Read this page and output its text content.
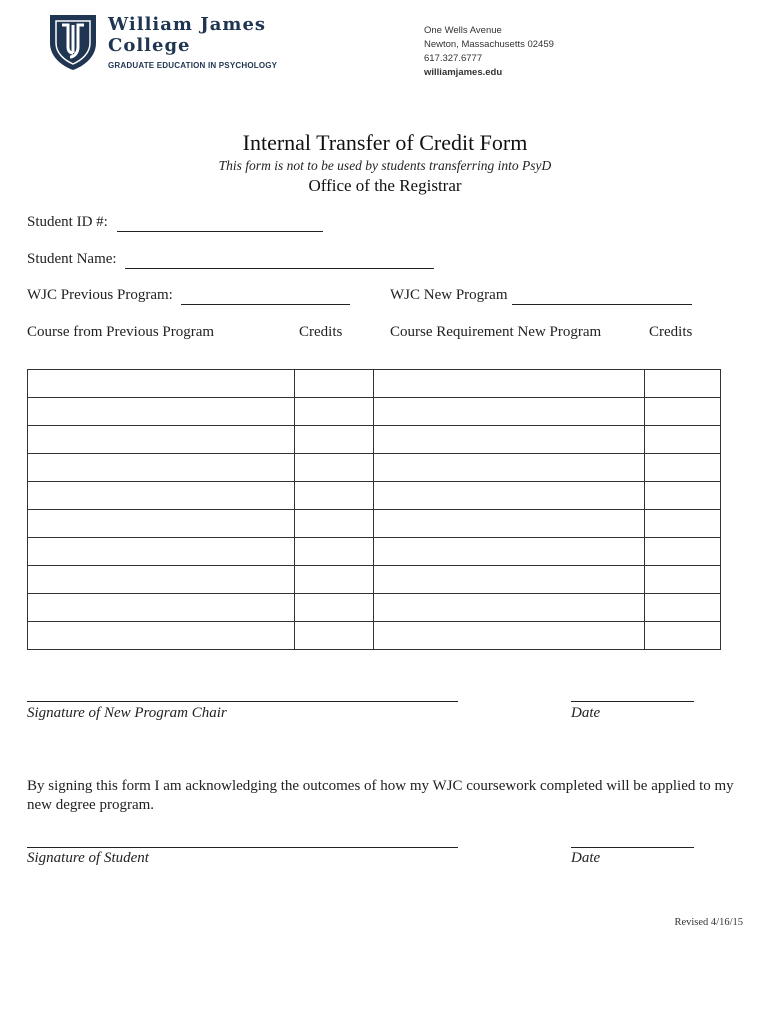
William James
College
GRADUATE EDUCATION IN PSYCHOLOGY
One Wells Avenue
Newton, Massachusetts 02459
617.327.6777
williamjames.edu
Internal Transfer of Credit Form
This form is not to be used by students transferring into PsyD
Office of the Registrar
Student ID #:
Student Name:
WJC Previous Program:	WJC New Program
Course from Previous Program	Credits	Course Requirement New Program	Credits

Signature of New Program Chair	Date
By signing this form I am acknowledging the outcomes of how my WJC coursework completed will be applied to my new degree program.
Signature of Student	Date
Revised 4/16/15
